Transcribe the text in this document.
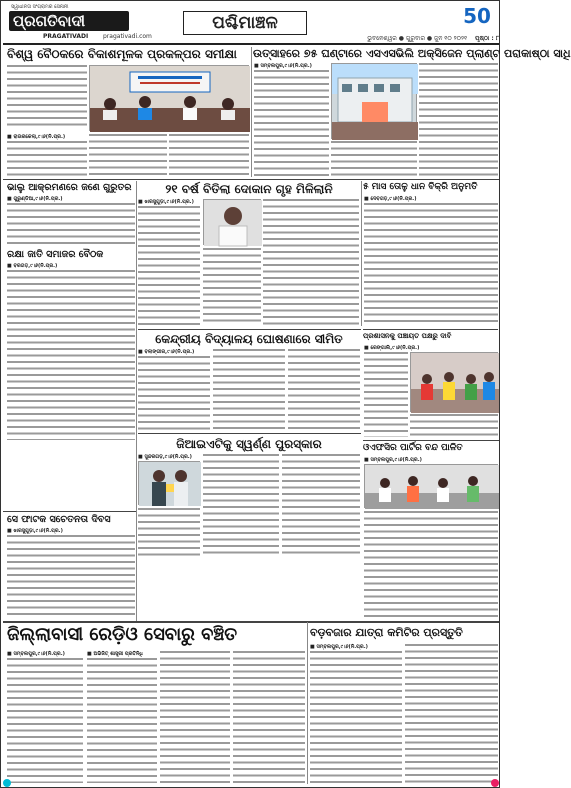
ସ୍ୱାଧୀନତା ସଂଗ୍ରାମର ସେନାନୀ
ପ୍ରଗତିବାଦୀ
PRAGATIVADI pragativadi.com
ପଶ୍ଚିମାଞ୍ଚଳ	50
ଭୁବନେଶ୍ୱର ● ଗୁରୁବାର ● ଜୁନ ୧୦ ୨୦୨୧ ପୃଷ୍ଠା : ୮
ବିଶ୍ୱ ବୈଠକରେ ବିକାଶମୂଳକ ପ୍ରକଳ୍ପର ସମୀକ୍ଷା	ଉତ୍ସାହରେ ୭୫ ଘଣ୍ଟାରେ ଏସଏସଭିଲି ଅକ୍ସିଜେନ ପ୍ଲାଣ୍ଟ ପରାକାଷ୍ଠା ସାଧି
■ ରାଉରକେଲା,୯।୬(ନି.ପ୍ର.)
■ ସମ୍ବଲପୁର,୯।୬(ନି.ପ୍ର.)
ଭାଲୁ ଆକ୍ରମଣରେ ଜଣେ ଗୁରୁତର
■ ଗୁରୁଣ୍ଡିଆ,୯।୬(ନି.ପ୍ର.)
୨୧ ବର୍ଷ ବିତିଲା ଦୋକାନ ଗୃହ ମିଳିଲାନି
■ ଝାରସୁଗୁଡ଼ା,୯।୬(ନି.ପ୍ର.)
୫ ମାସ ତୋଳୁ ଧାନ ବିକ୍ରି ଅନୁମତି
■ ଦେବଗଡ଼,୯।୬(ନି.ପ୍ର.)
ରକ୍ଷା ଜାତି ସମାଜର ବୈଠକ
■ ବରଗଡ଼,୯।୬(ନି.ପ୍ର.)
କେନ୍ଦ୍ରୀୟ ବିଦ୍ୟାଳୟ ଘୋଷଣାରେ ସୀମିତ
■ ବଲାଙ୍ଗୀର,୯।୬(ନି.ପ୍ର.)
ପ୍ରଶାସନକୁ ପଞ୍ଚାୟତ ପକ୍ଷରୁ ଦାବି
■ ରେଙ୍ଗାଲି,୯।୬(ନି.ପ୍ର.)
ଜିଆଇଏଟିକୁ ସ୍ୱର୍ଣ୍ଣ ପୁରସ୍କାର
■ ସୁନ୍ଦରଗଡ଼,୯।୬(ନି.ପ୍ର.)
ଓଏଫସିର ପାର୍ଟିର ବନ୍ଦ ପାଳିତ
■ ସମ୍ବଲପୁର,୯।୬(ନି.ପ୍ର.)
ସେ ଫାଟକ ସଚେତନତା ଦିବସ
■ ଝାରସୁଗୁଡ଼ା,୯।୬(ନି.ପ୍ର.)
ଜିଲ୍ଲାବାସୀ ରେଡ଼ିଓ ସେବାରୁ ବଞ୍ଚିତ
■ ସମ୍ବଲପୁର,୯।୬(ନି.ପ୍ର.)	■ ଅଭିଜିତ୍ ଶାସ୍ତ୍ରୀ ପ୍ରତିନିଧି
ବଡ଼ବଜାର ଯାତ୍ରା କମିଟିର ପ୍ରସ୍ତୁତି
■ ସମ୍ବଲପୁର,୯।୬(ନି.ପ୍ର.)
